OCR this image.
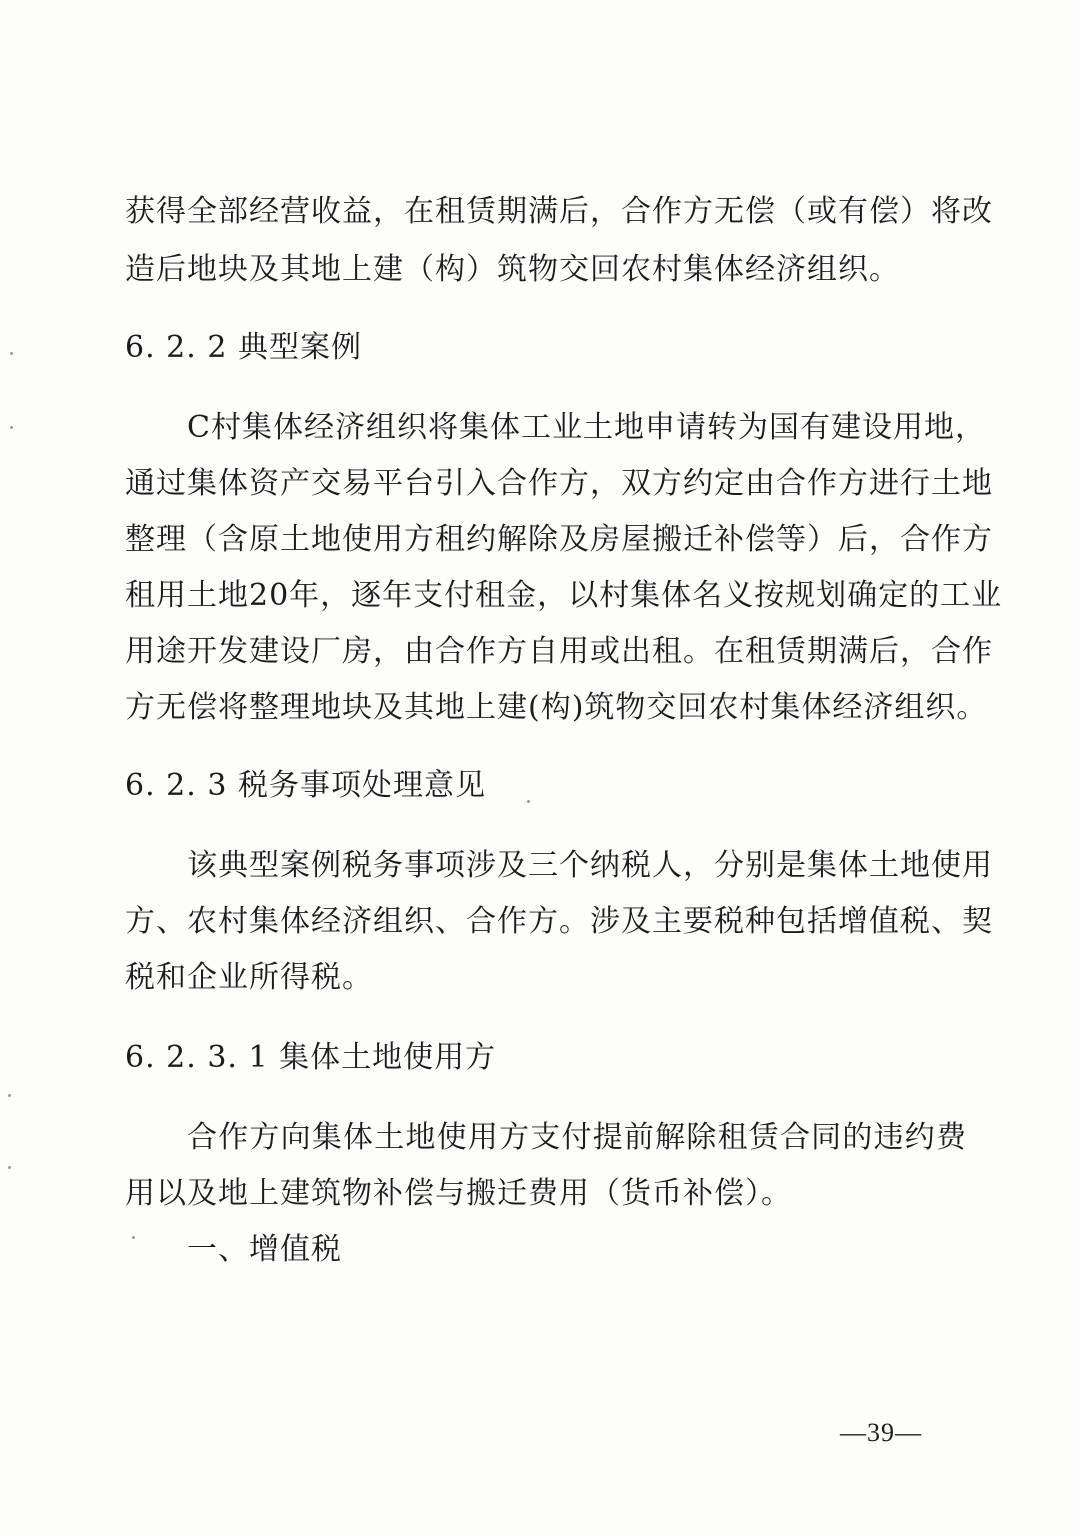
获得全部经营收益，在租赁期满后，合作方无偿（或有偿）将改
造后地块及其地上建（构）筑物交回农村集体经济组织。
6. 2. 2 典型案例
C村集体经济组织将集体工业土地申请转为国有建设用地，
通过集体资产交易平台引入合作方，双方约定由合作方进行土地
整理（含原土地使用方租约解除及房屋搬迁补偿等）后，合作方
租用土地20年，逐年支付租金，以村集体名义按规划确定的工业
用途开发建设厂房，由合作方自用或出租。在租赁期满后，合作
方无偿将整理地块及其地上建(构)筑物交回农村集体经济组织。
6. 2. 3 税务事项处理意见
该典型案例税务事项涉及三个纳税人，分别是集体土地使用
方、农村集体经济组织、合作方。涉及主要税种包括增值税、契
税和企业所得税。
6. 2. 3. 1 集体土地使用方
合作方向集体土地使用方支付提前解除租赁合同的违约费
用以及地上建筑物补偿与搬迁费用（货币补偿）。
一、增值税
—39—
